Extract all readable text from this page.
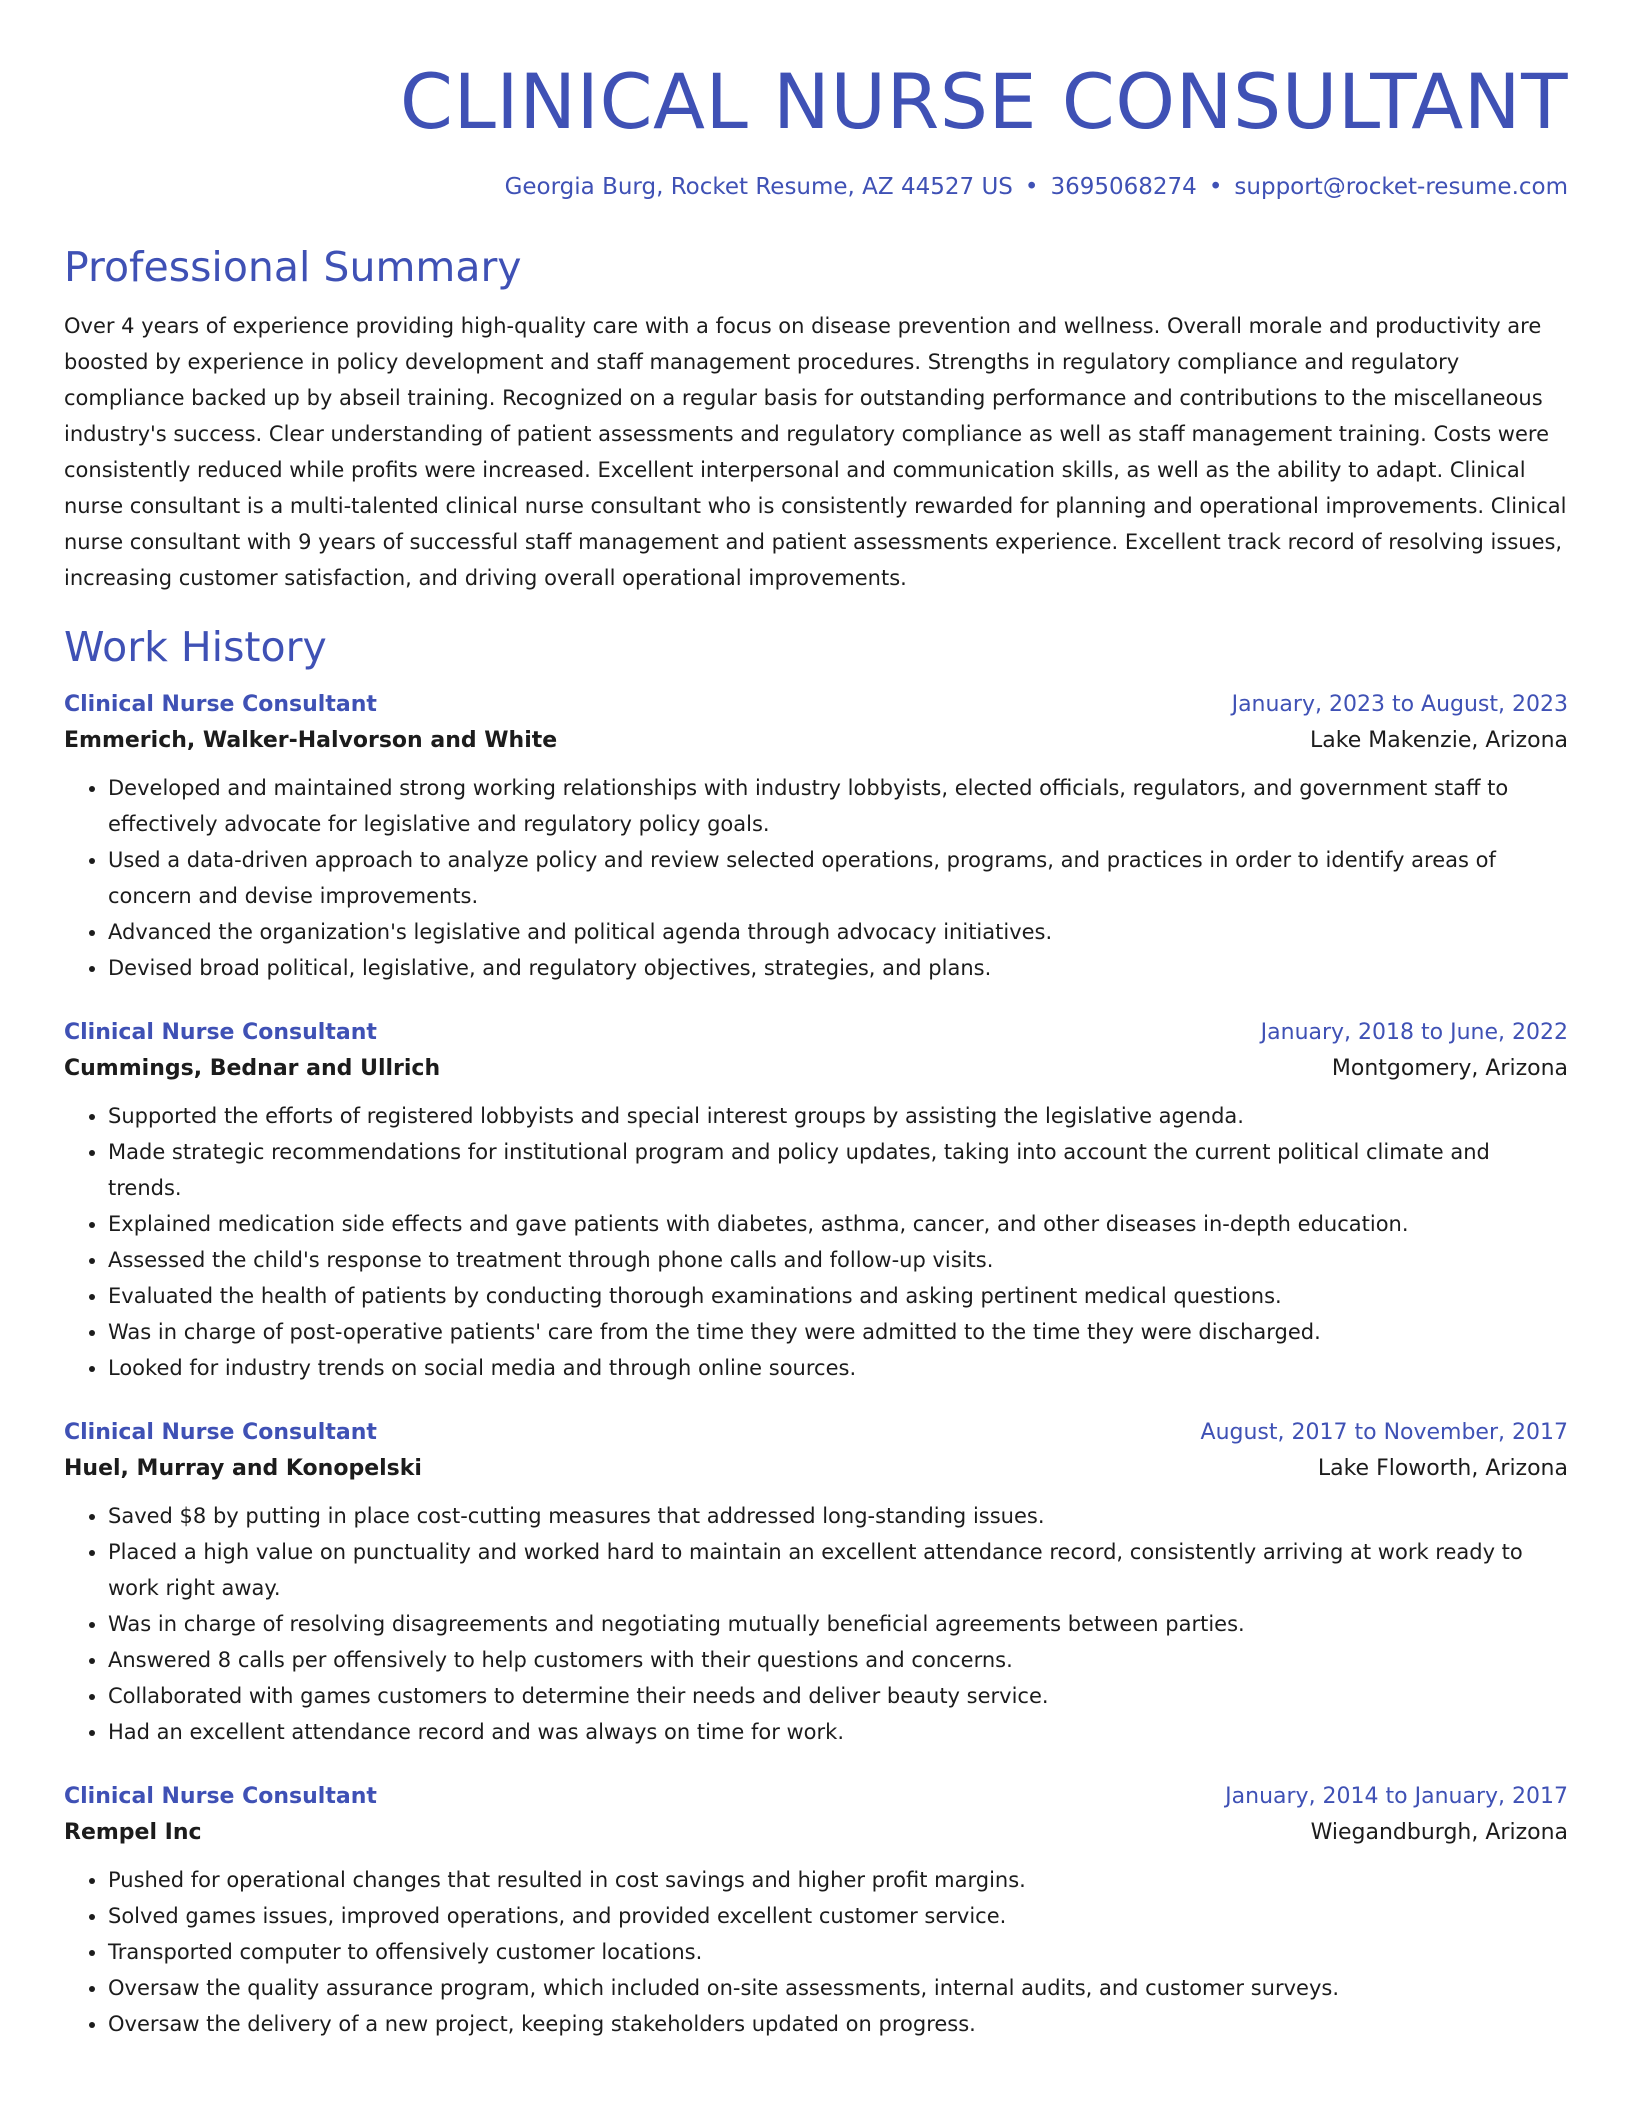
CLINICAL NURSE CONSULTANT
Georgia Burg, Rocket Resume, AZ 44527 US • 3695068274 • support@rocket-resume.com
Professional Summary

Over 4 years of experience providing high-quality care with a focus on disease prevention and wellness. Overall morale and productivity are boosted by experience in policy development and staff management procedures. Strengths in regulatory compliance and regulatory compliance backed up by abseil training. Recognized on a regular basis for outstanding performance and contributions to the miscellaneous industry's success. Clear understanding of patient assessments and regulatory compliance as well as staff management training. Costs were consistently reduced while profits were increased. Excellent interpersonal and communication skills, as well as the ability to adapt. Clinical nurse consultant is a multi-talented clinical nurse consultant who is consistently rewarded for planning and operational improvements. Clinical nurse consultant with 9 years of successful staff management and patient assessments experience. Excellent track record of resolving issues, increasing customer satisfaction, and driving overall operational improvements.

Work History
Clinical Nurse Consultant	January, 2023 to August, 2023
Emmerich, Walker-Halvorson and White	Lake Makenzie, Arizona
• Developed and maintained strong working relationships with industry lobbyists, elected officials, regulators, and government staff to effectively advocate for legislative and regulatory policy goals.
• Used a data-driven approach to analyze policy and review selected operations, programs, and practices in order to identify areas of concern and devise improvements.
• Advanced the organization's legislative and political agenda through advocacy initiatives.
• Devised broad political, legislative, and regulatory objectives, strategies, and plans.
Clinical Nurse Consultant	January, 2018 to June, 2022
Cummings, Bednar and Ullrich	Montgomery, Arizona
• Supported the efforts of registered lobbyists and special interest groups by assisting the legislative agenda.
• Made strategic recommendations for institutional program and policy updates, taking into account the current political climate and trends.
• Explained medication side effects and gave patients with diabetes, asthma, cancer, and other diseases in-depth education.
• Assessed the child's response to treatment through phone calls and follow-up visits.
• Evaluated the health of patients by conducting thorough examinations and asking pertinent medical questions.
• Was in charge of post-operative patients' care from the time they were admitted to the time they were discharged.
• Looked for industry trends on social media and through online sources.
Clinical Nurse Consultant	August, 2017 to November, 2017
Huel, Murray and Konopelski	Lake Floworth, Arizona
• Saved $8 by putting in place cost-cutting measures that addressed long-standing issues.
• Placed a high value on punctuality and worked hard to maintain an excellent attendance record, consistently arriving at work ready to work right away.
• Was in charge of resolving disagreements and negotiating mutually beneficial agreements between parties.
• Answered 8 calls per offensively to help customers with their questions and concerns.
• Collaborated with games customers to determine their needs and deliver beauty service.
• Had an excellent attendance record and was always on time for work.
Clinical Nurse Consultant	January, 2014 to January, 2017
Rempel Inc	Wiegandburgh, Arizona
• Pushed for operational changes that resulted in cost savings and higher profit margins.
• Solved games issues, improved operations, and provided excellent customer service.
• Transported computer to offensively customer locations.
• Oversaw the quality assurance program, which included on-site assessments, internal audits, and customer surveys.
• Oversaw the delivery of a new project, keeping stakeholders updated on progress.
